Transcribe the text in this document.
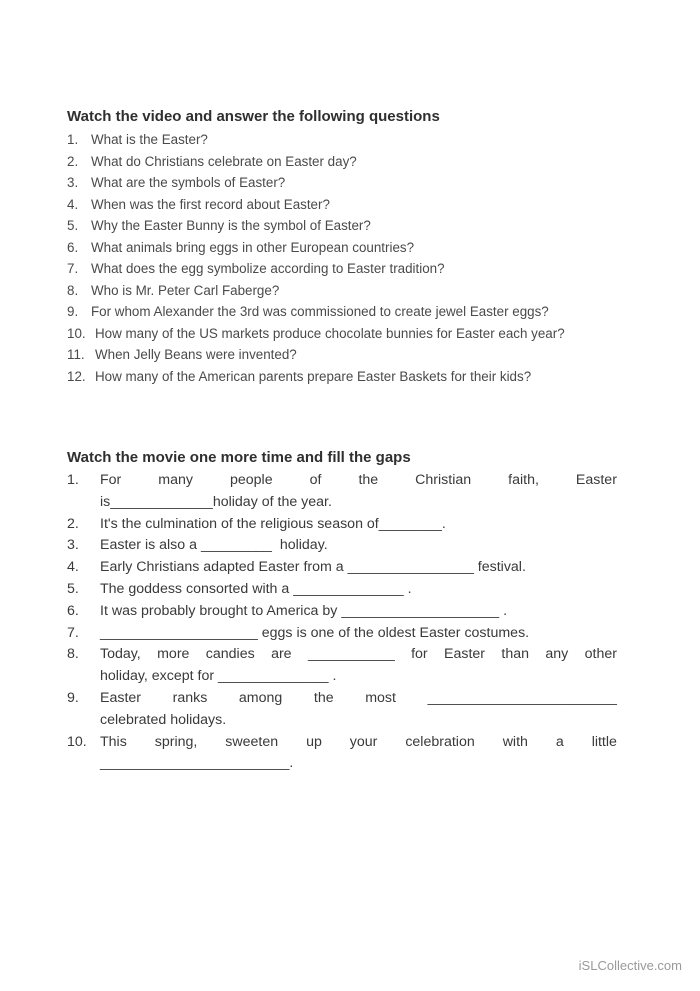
Watch the video and answer the following questions
1. What is the Easter?
2. What do Christians celebrate on Easter day?
3. What are the symbols of Easter?
4. When was the first record about Easter?
5. Why the Easter Bunny is the symbol of Easter?
6. What animals bring eggs in other European countries?
7. What does the egg symbolize according to Easter tradition?
8. Who is Mr. Peter Carl Faberge?
9. For whom Alexander the 3rd was commissioned to create jewel Easter eggs?
10. How many of the US markets produce chocolate bunnies for Easter each year?
11. When Jelly Beans were invented?
12. How many of the American parents prepare Easter Baskets for their kids?
Watch the movie one more time and fill the gaps
1. For	many	people	of	the	Christian	faith,	Easter
is_____________holiday of the year.
2. It's the culmination of the religious season of________.
3. Easter is also a _________  holiday.
4. Early Christians adapted Easter from a ________________ festival.
5. The goddess consorted with a ______________ .
6. It was probably brought to America by ____________________ .
7. ____________________ eggs is one of the oldest Easter costumes.
8. Today, more candies are ___________ for Easter than any other
holiday, except for ______________ .
9. Easter ranks among the most ________________________
celebrated holidays.
10. This spring, sweeten up your celebration with a little
________________________.
iSLCollective.com
